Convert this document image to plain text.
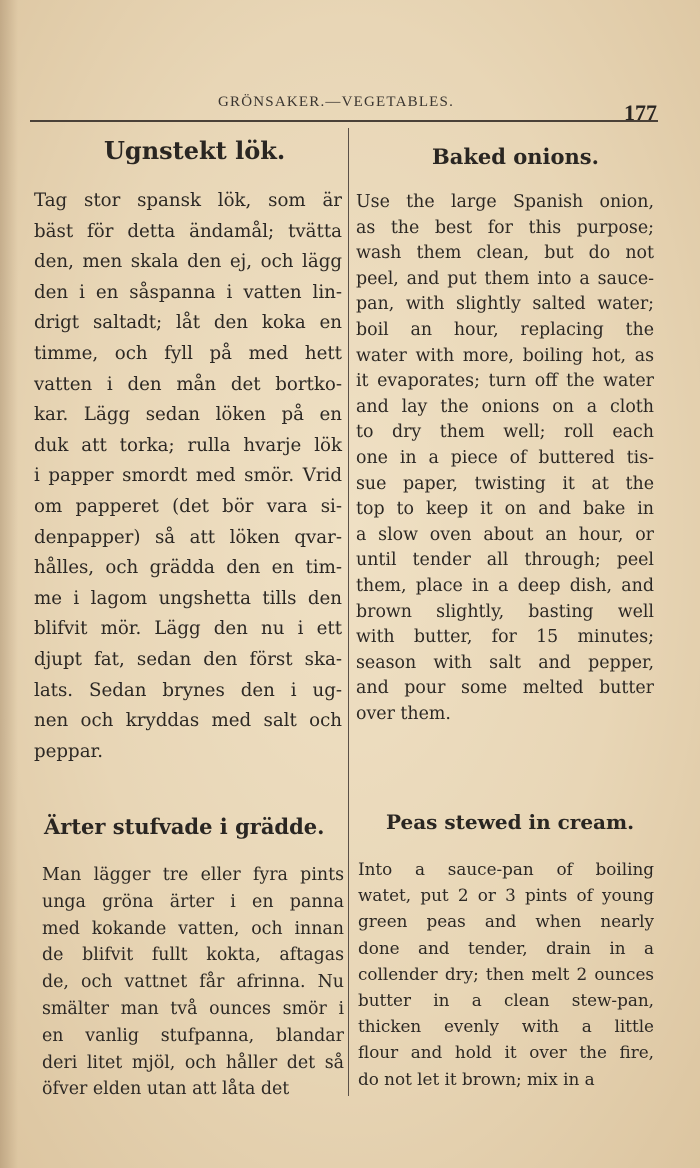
GRÖNSAKER.—VEGETABLES.	177
Ugnstekt lök.
Tag stor spansk lök, som är
bäst för detta ändamål; tvätta
den, men skala den ej, och lägg
den i en såspanna i vatten lin-
drigt saltadt; låt den koka en
timme, och fyll på med hett
vatten i den mån det bortko-
kar. Lägg sedan löken på en
duk att torka; rulla hvarje lök
i papper smordt med smör. Vrid
om papperet (det bör vara si-
denpapper) så att löken qvar-
hålles, och grädda den en tim-
me i lagom ungshetta tills den
blifvit mör. Lägg den nu i ett
djupt fat, sedan den först ska-
lats. Sedan brynes den i ug-
nen och kryddas med salt och
peppar.
Baked onions.
Use the large Spanish onion,
as the best for this purpose;
wash them clean, but do not
peel, and put them into a sauce-
pan, with slightly salted water;
boil an hour, replacing the
water with more, boiling hot, as
it evaporates; turn off the water
and lay the onions on a cloth
to dry them well; roll each
one in a piece of buttered tis-
sue paper, twisting it at the
top to keep it on and bake in
a slow oven about an hour, or
until tender all through; peel
them, place in a deep dish, and
brown slightly, basting well
with butter, for 15 minutes;
season with salt and pepper,
and pour some melted butter
over them.
Ärter stufvade i grädde.
Man lägger tre eller fyra pints
unga gröna ärter i en panna
med kokande vatten, och innan
de blifvit fullt kokta, aftagas
de, och vattnet får afrinna. Nu
smälter man två ounces smör i
en vanlig stufpanna, blandar
deri litet mjöl, och håller det så
öfver elden utan att låta det
Peas stewed in cream.
Into a sauce-pan of boiling
watet, put 2 or 3 pints of young
green peas and when nearly
done and tender, drain in a
collender dry; then melt 2 ounces
butter in a clean stew-pan,
thicken evenly with a little
flour and hold it over the fire,
do not let it brown; mix in a
